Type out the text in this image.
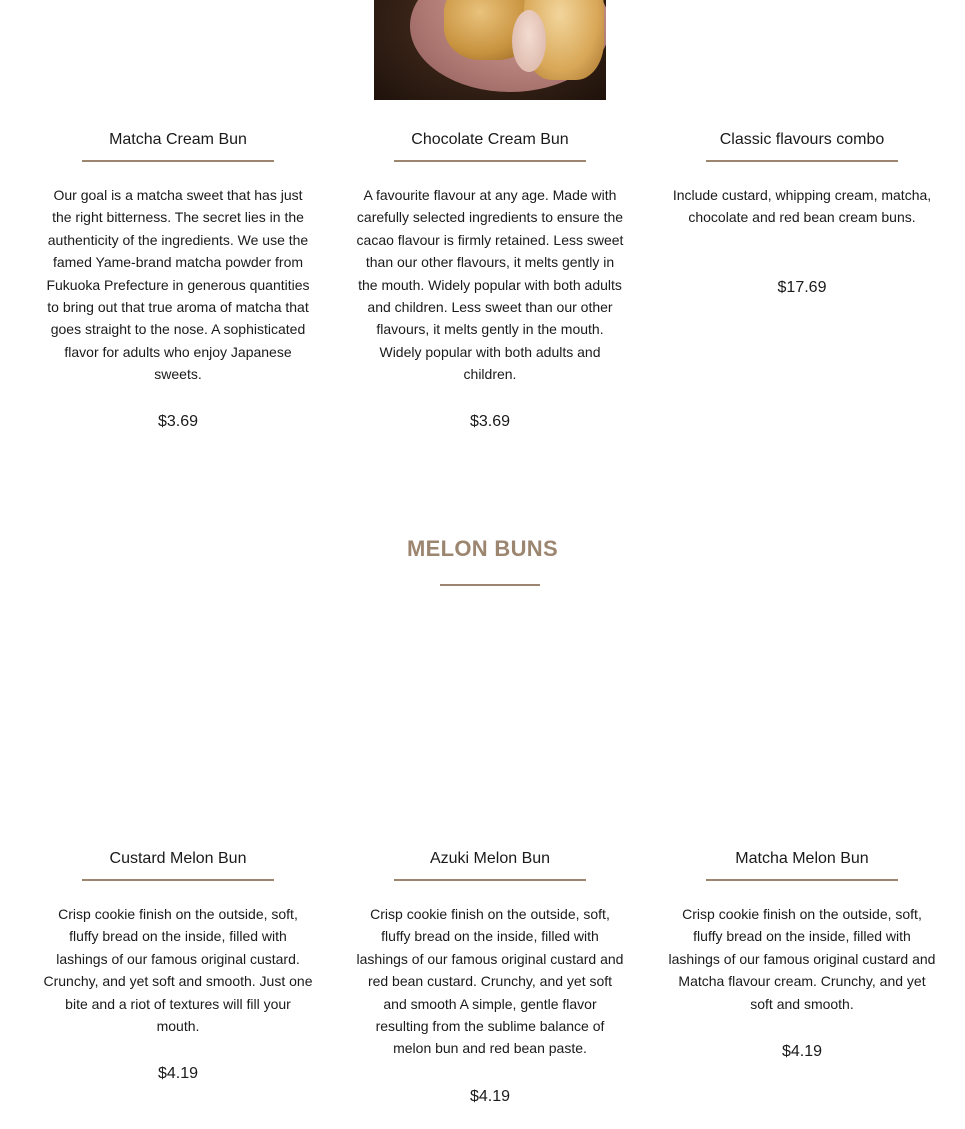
Matcha Cream Bun
Our goal is a matcha sweet that has just the right bitterness. The secret lies in the authenticity of the ingredients. We use the famed Yame-brand matcha powder from Fukuoka Prefecture in generous quantities to bring out that true aroma of matcha that goes straight to the nose. A sophisticated flavor for adults who enjoy Japanese sweets.
$3.69
Chocolate Cream Bun
A favourite flavour at any age. Made with carefully selected ingredients to ensure the cacao flavour is firmly retained. Less sweet than our other flavours, it melts gently in the mouth. Widely popular with both adults and children. Less sweet than our other flavours, it melts gently in the mouth. Widely popular with both adults and children.
$3.69
Classic flavours combo
Include custard, whipping cream, matcha, chocolate and red bean cream buns.
$17.69
MELON BUNS
Custard Melon Bun
Crisp cookie finish on the outside, soft, fluffy bread on the inside, filled with lashings of our famous original custard. Crunchy, and yet soft and smooth. Just one bite and a riot of textures will fill your mouth.
$4.19
Azuki Melon Bun
Crisp cookie finish on the outside, soft, fluffy bread on the inside, filled with lashings of our famous original custard and red bean custard. Crunchy, and yet soft and smooth A simple, gentle flavor resulting from the sublime balance of melon bun and red bean paste.
$4.19
Matcha Melon Bun
Crisp cookie finish on the outside, soft, fluffy bread on the inside, filled with lashings of our famous original custard and Matcha flavour cream. Crunchy, and yet soft and smooth.
$4.19
